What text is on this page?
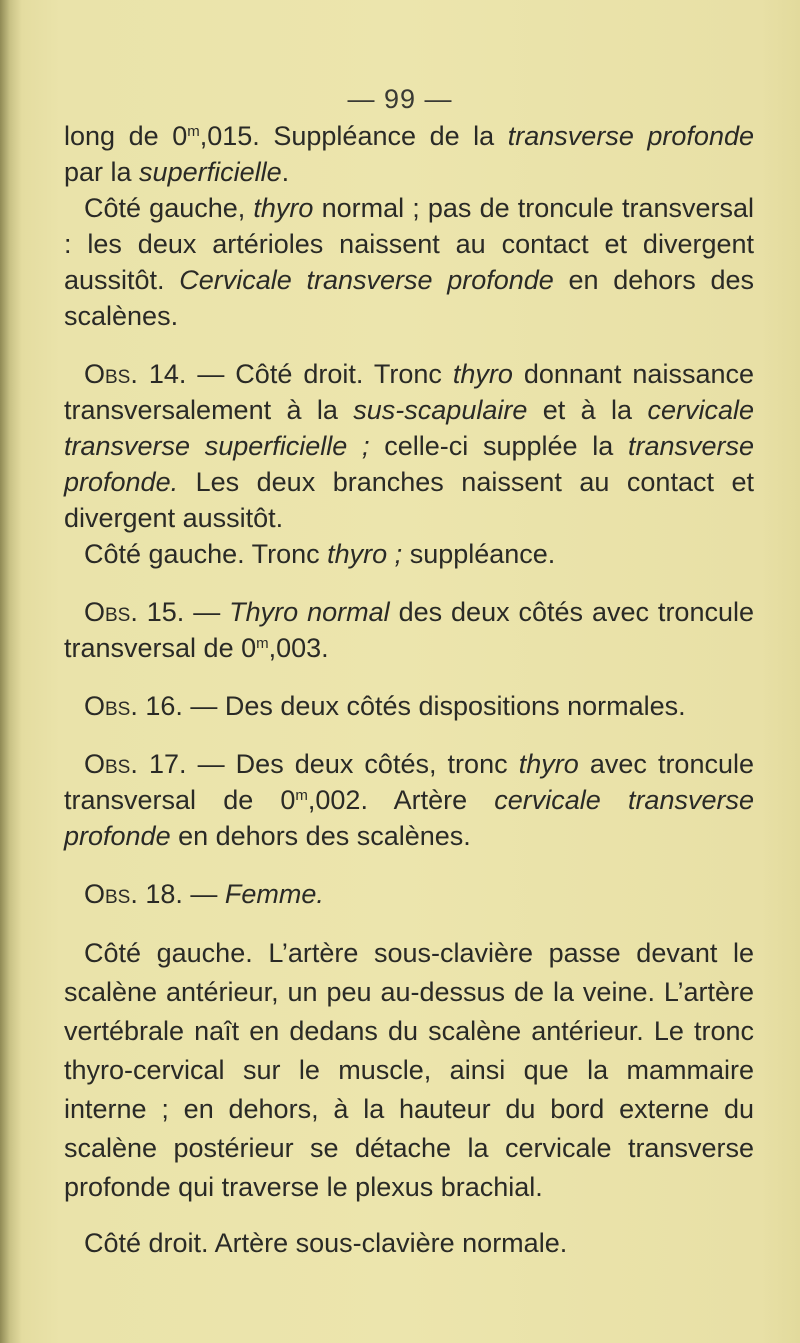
— 99 —

long de 0$^m$,015. Suppléance de la transverse profonde par la superficielle.

Côté gauche, thyro normal ; pas de troncule transversal : les deux artérioles naissent au contact et divergent aussitôt. Cervicale transverse profonde en dehors des scalènes.

Obs. 14. — Côté droit. Tronc thyro donnant naissance transversalement à la sus-scapulaire et à la cervicale transverse superficielle ; celle-ci supplée la transverse profonde. Les deux branches naissent au contact et divergent aussitôt.

Côté gauche. Tronc thyro ; suppléance.

Obs. 15. — Thyro normal des deux côtés avec troncule transversal de 0$^m$,003.

Obs. 16. — Des deux côtés dispositions normales.

Obs. 17. — Des deux côtés, tronc thyro avec troncule transversal de 0$^m$,002. Artère cervicale transverse profonde en dehors des scalènes.

Obs. 18. — Femme.

Côté gauche. L’artère sous-clavière passe devant le scalène antérieur, un peu au-dessus de la veine. L’artère vertébrale naît en dedans du scalène antérieur. Le tronc thyro-cervical sur le muscle, ainsi que la mammaire interne ; en dehors, à la hauteur du bord externe du scalène postérieur se détache la cervicale transverse profonde qui traverse le plexus brachial.

Côté droit. Artère sous-clavière normale.
